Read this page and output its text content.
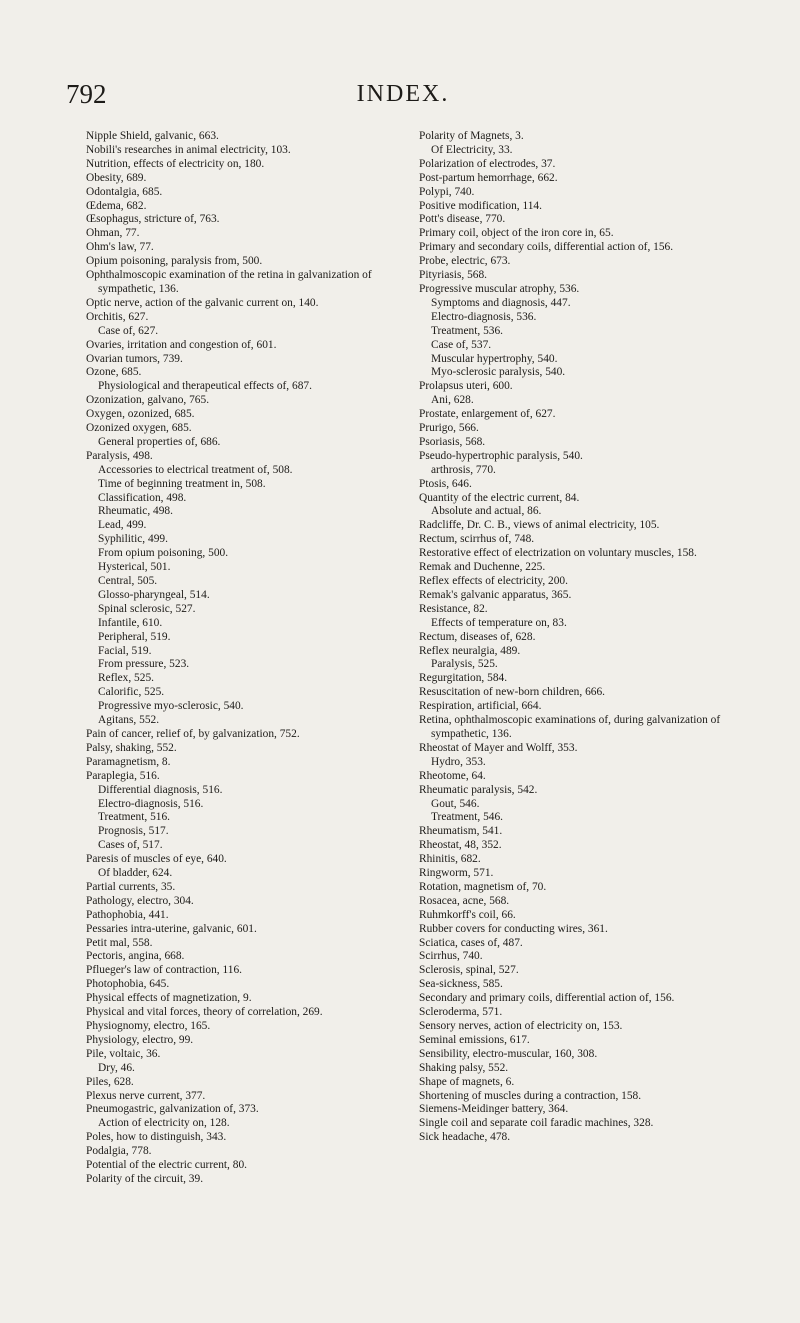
792	INDEX.
Nipple Shield, galvanic, 663.
Nobili's researches in animal electricity, 103.
Nutrition, effects of electricity on, 180.
Obesity, 689.
Odontalgia, 685.
Œdema, 682.
Œsophagus, stricture of, 763.
Ohman, 77.
Ohm's law, 77.
Opium poisoning, paralysis from, 500.
Ophthalmoscopic examination of the retina in galvanization of sympathetic, 136.
Optic nerve, action of the galvanic current on, 140.
Orchitis, 627.
Case of, 627.
Ovaries, irritation and congestion of, 601.
Ovarian tumors, 739.
Ozone, 685.
Physiological and therapeutical effects of, 687.
Ozonization, galvano, 765.
Oxygen, ozonized, 685.
Ozonized oxygen, 685.
General properties of, 686.
Paralysis, 498.
Accessories to electrical treatment of, 508.
Time of beginning treatment in, 508.
Classification, 498.
Rheumatic, 498.
Lead, 499.
Syphilitic, 499.
From opium poisoning, 500.
Hysterical, 501.
Central, 505.
Glosso-pharyngeal, 514.
Spinal sclerosic, 527.
Infantile, 610.
Peripheral, 519.
Facial, 519.
From pressure, 523.
Reflex, 525.
Calorific, 525.
Progressive myo-sclerosic, 540.
Agitans, 552.
Pain of cancer, relief of, by galvanization, 752.
Palsy, shaking, 552.
Paramagnetism, 8.
Paraplegia, 516.
Differential diagnosis, 516.
Electro-diagnosis, 516.
Treatment, 516.
Prognosis, 517.
Cases of, 517.
Paresis of muscles of eye, 640.
Of bladder, 624.
Partial currents, 35.
Pathology, electro, 304.
Pathophobia, 441.
Pessaries intra-uterine, galvanic, 601.
Petit mal, 558.
Pectoris, angina, 668.
Pflueger's law of contraction, 116.
Photophobia, 645.
Physical effects of magnetization, 9.
Physical and vital forces, theory of correlation, 269.
Physiognomy, electro, 165.
Physiology, electro, 99.
Pile, voltaic, 36.
Dry, 46.
Piles, 628.
Plexus nerve current, 377.
Pneumogastric, galvanization of, 373.
Action of electricity on, 128.
Poles, how to distinguish, 343.
Podalgia, 778.
Potential of the electric current, 80.
Polarity of the circuit, 39.
Polarity of Magnets, 3.
Of Electricity, 33.
Polarization of electrodes, 37.
Post-partum hemorrhage, 662.
Polypi, 740.
Positive modification, 114.
Pott's disease, 770.
Primary coil, object of the iron core in, 65.
Primary and secondary coils, differential action of, 156.
Probe, electric, 673.
Pityriasis, 568.
Progressive muscular atrophy, 536.
Symptoms and diagnosis, 447.
Electro-diagnosis, 536.
Treatment, 536.
Case of, 537.
Muscular hypertrophy, 540.
Myo-sclerosic paralysis, 540.
Prolapsus uteri, 600.
Ani, 628.
Prostate, enlargement of, 627.
Prurigo, 566.
Psoriasis, 568.
Pseudo-hypertrophic paralysis, 540.
arthrosis, 770.
Ptosis, 646.
Quantity of the electric current, 84.
Absolute and actual, 86.
Radcliffe, Dr. C. B., views of animal electricity, 105.
Rectum, scirrhus of, 748.
Restorative effect of electrization on voluntary muscles, 158.
Remak and Duchenne, 225.
Reflex effects of electricity, 200.
Remak's galvanic apparatus, 365.
Resistance, 82.
Effects of temperature on, 83.
Rectum, diseases of, 628.
Reflex neuralgia, 489.
Paralysis, 525.
Regurgitation, 584.
Resuscitation of new-born children, 666.
Respiration, artificial, 664.
Retina, ophthalmoscopic examinations of, during galvanization of sympathetic, 136.
Rheostat of Mayer and Wolff, 353.
Hydro, 353.
Rheotome, 64.
Rheumatic paralysis, 542.
Gout, 546.
Treatment, 546.
Rheumatism, 541.
Rheostat, 48, 352.
Rhinitis, 682.
Ringworm, 571.
Rotation, magnetism of, 70.
Rosacea, acne, 568.
Ruhmkorff's coil, 66.
Rubber covers for conducting wires, 361.
Sciatica, cases of, 487.
Scirrhus, 740.
Sclerosis, spinal, 527.
Sea-sickness, 585.
Secondary and primary coils, differential action of, 156.
Scleroderma, 571.
Sensory nerves, action of electricity on, 153.
Seminal emissions, 617.
Sensibility, electro-muscular, 160, 308.
Shaking palsy, 552.
Shape of magnets, 6.
Shortening of muscles during a contraction, 158.
Siemens-Meidinger battery, 364.
Single coil and separate coil faradic machines, 328.
Sick headache, 478.
